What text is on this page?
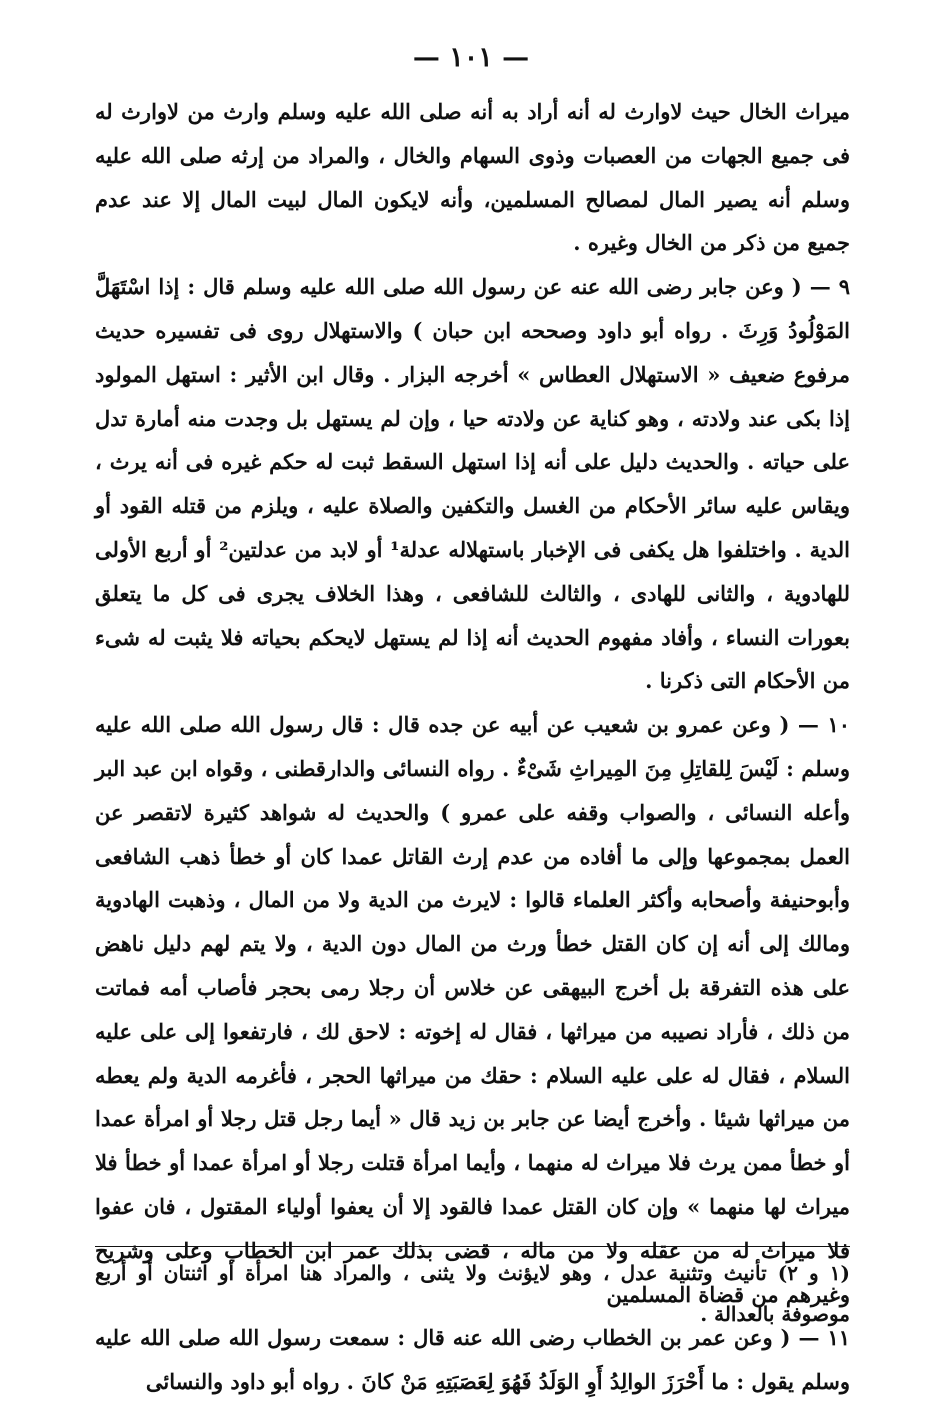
— ١٠١ —

ميراث الخال حيث لاوارث له أنه أراد به أنه صلى الله عليه وسلم وارث من لاوارث له فى جميع الجهات من العصبات وذوى السهام والخال ، والمراد من إرثه صلى الله عليه وسلم أنه يصير المال لمصالح المسلمين، وأنه لايكون المال لبيت المال إلا عند عدم جميع من ذكر من الخال وغيره .

٩ — ( وعن جابر رضى الله عنه عن رسول الله صلى الله عليه وسلم قال : إذا اسْتَهَلَّ المَوْلُودُ وَرِثَ . رواه أبو داود وصححه ابن حبان ) والاستهلال روى فى تفسيره حديث مرفوع ضعيف « الاستهلال العطاس » أخرجه البزار . وقال ابن الأثير : استهل المولود إذا بكى عند ولادته ، وهو كناية عن ولادته حيا ، وإن لم يستهل بل وجدت منه أمارة تدل على حياته . والحديث دليل على أنه إذا استهل السقط ثبت له حكم غيره فى أنه يرث ، ويقاس عليه سائر الأحكام من الغسل والتكفين والصلاة عليه ، ويلزم من قتله القود أو الدية . واختلفوا هل يكفى فى الإخبار باستهلاله عدلة¹ أو لابد من عدلتين² أو أربع الأولى للهادوية ، والثانى للهادى ، والثالث للشافعى ، وهذا الخلاف يجرى فى كل ما يتعلق بعورات النساء ، وأفاد مفهوم الحديث أنه إذا لم يستهل لايحكم بحياته فلا يثبت له شىء من الأحكام التى ذكرنا .

١٠ — ( وعن عمرو بن شعيب عن أبيه عن جده قال : قال رسول الله صلى الله عليه وسلم : لَيْسَ لِلقاتِلِ مِنَ المِيراثِ شَىْءٌ . رواه النسائى والدارقطنى ، وقواه ابن عبد البر وأعله النسائى ، والصواب وقفه على عمرو ) والحديث له شواهد كثيرة لاتقصر عن العمل بمجموعها وإلى ما أفاده من عدم إرث القاتل عمدا كان أو خطأ ذهب الشافعى وأبوحنيفة وأصحابه وأكثر العلماء قالوا : لايرث من الدية ولا من المال ، وذهبت الهادوية ومالك إلى أنه إن كان القتل خطأ ورث من المال دون الدية ، ولا يتم لهم دليل ناهض على هذه التفرقة بل أخرج البيهقى عن خلاس أن رجلا رمى بحجر فأصاب أمه فماتت من ذلك ، فأراد نصيبه من ميراثها ، فقال له إخوته : لاحق لك ، فارتفعوا إلى على عليه السلام ، فقال له على عليه السلام : حقك من ميراثها الحجر ، فأغرمه الدية ولم يعطه من ميراثها شيئا . وأخرج أيضا عن جابر بن زيد قال « أيما رجل قتل رجلا أو امرأة عمدا أو خطأ ممن يرث فلا ميراث له منهما ، وأيما امرأة قتلت رجلا أو امرأة عمدا أو خطأ فلا ميراث لها منهما » وإن كان القتل عمدا فالقود إلا أن يعفوا أولياء المقتول ، فان عفوا فلا ميراث له من عقله ولا من ماله ، قضى بذلك عمر ابن الخطاب وعلى وشريح وغيرهم من قضاة المسلمين

١١ — ( وعن عمر بن الخطاب رضى الله عنه قال : سمعت رسول الله صلى الله عليه وسلم يقول : ما أَحْرَزَ الوالِدُ أَوِ الوَلَدُ فَهُوَ لِعَصَبَتِهِ مَنْ كانَ . رواه أبو داود والنسائى

(١ و ٢) تأنيث وتثنية عدل ، وهو لايؤنث ولا يثنى ، والمراد هنا امرأة أو اثنتان أو أربع موصوفة بالعدالة .
